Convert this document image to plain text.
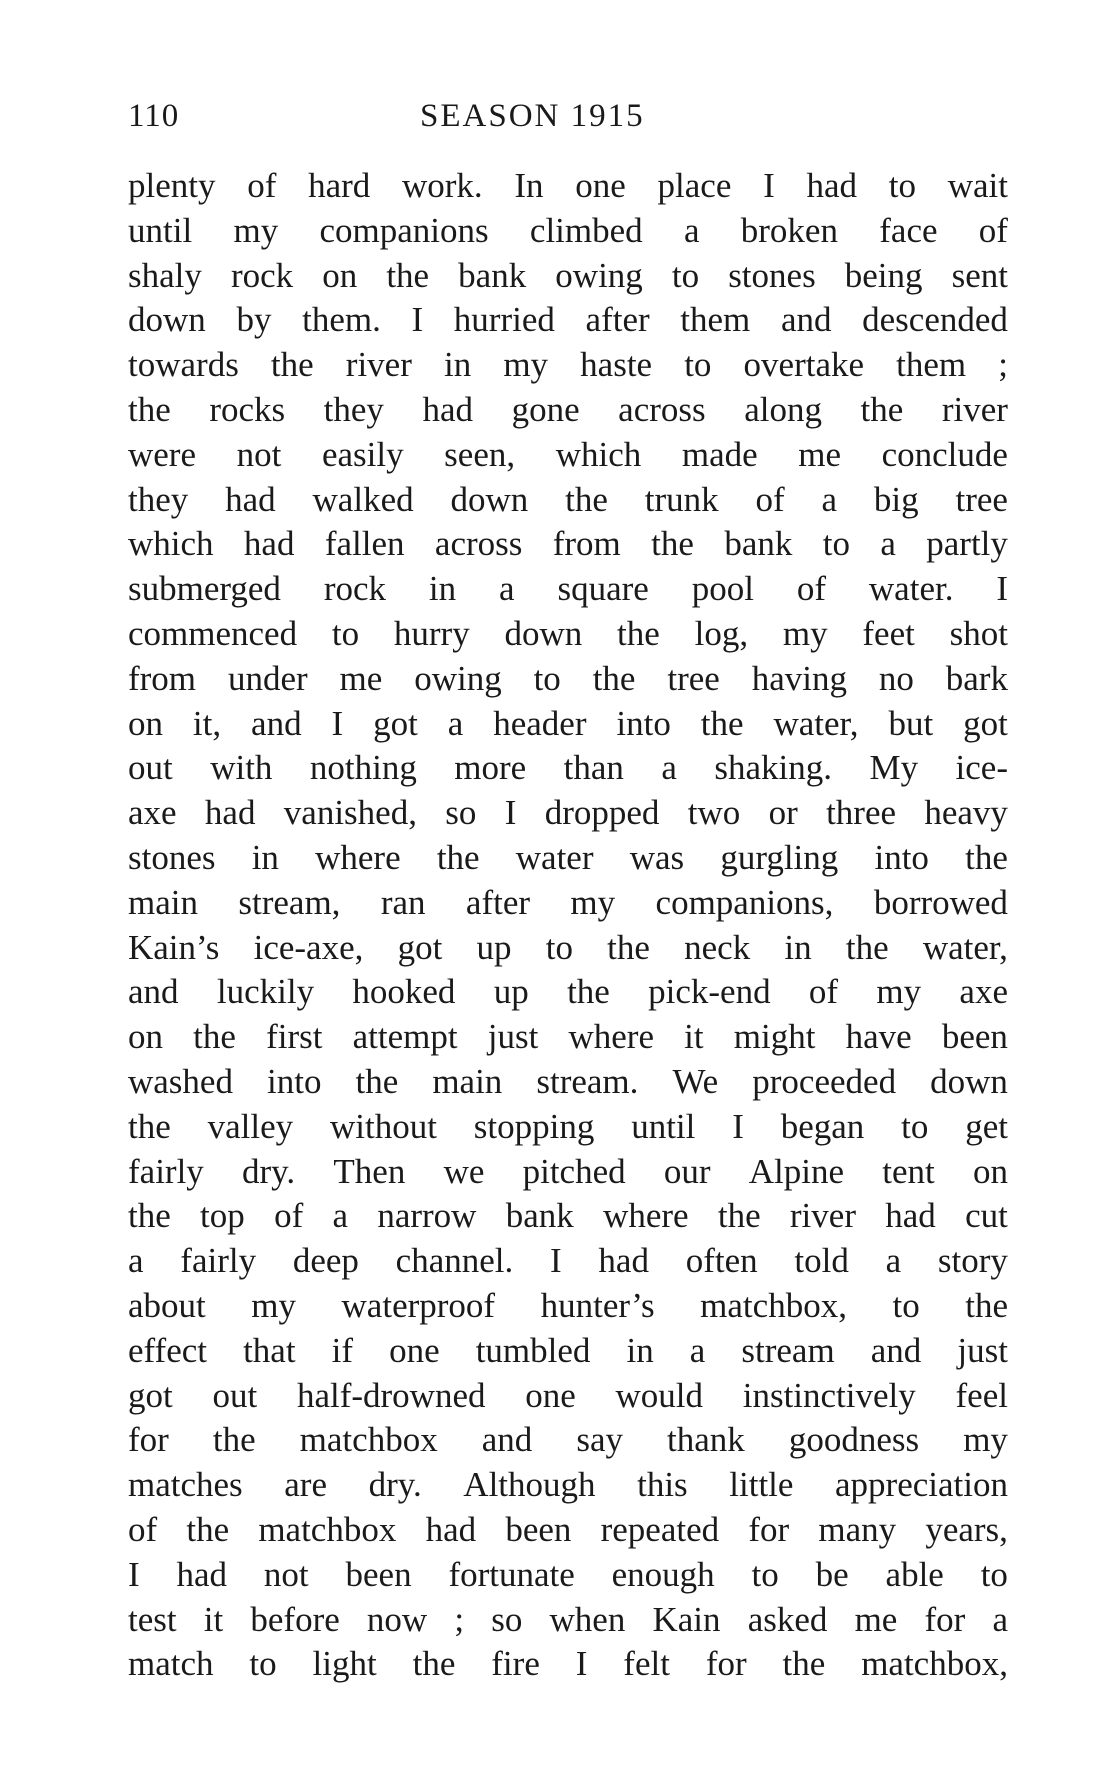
110	SEASON 1915
plenty of hard work. In one place I had to wait
until my companions climbed a broken face of
shaly rock on the bank owing to stones being sent
down by them. I hurried after them and descended
towards the river in my haste to overtake them ;
the rocks they had gone across along the river
were not easily seen, which made me conclude
they had walked down the trunk of a big tree
which had fallen across from the bank to a partly
submerged rock in a square pool of water. I
commenced to hurry down the log, my feet shot
from under me owing to the tree having no bark
on it, and I got a header into the water, but got
out with nothing more than a shaking. My ice-
axe had vanished, so I dropped two or three heavy
stones in where the water was gurgling into the
main stream, ran after my companions, borrowed
Kain’s ice-axe, got up to the neck in the water,
and luckily hooked up the pick-end of my axe
on the first attempt just where it might have been
washed into the main stream. We proceeded down
the valley without stopping until I began to get
fairly dry. Then we pitched our Alpine tent on
the top of a narrow bank where the river had cut
a fairly deep channel. I had often told a story
about my waterproof hunter’s matchbox, to the
effect that if one tumbled in a stream and just
got out half-drowned one would instinctively feel
for the matchbox and say thank goodness my
matches are dry. Although this little appreciation
of the matchbox had been repeated for many years,
I had not been fortunate enough to be able to
test it before now ; so when Kain asked me for a
match to light the fire I felt for the matchbox,
